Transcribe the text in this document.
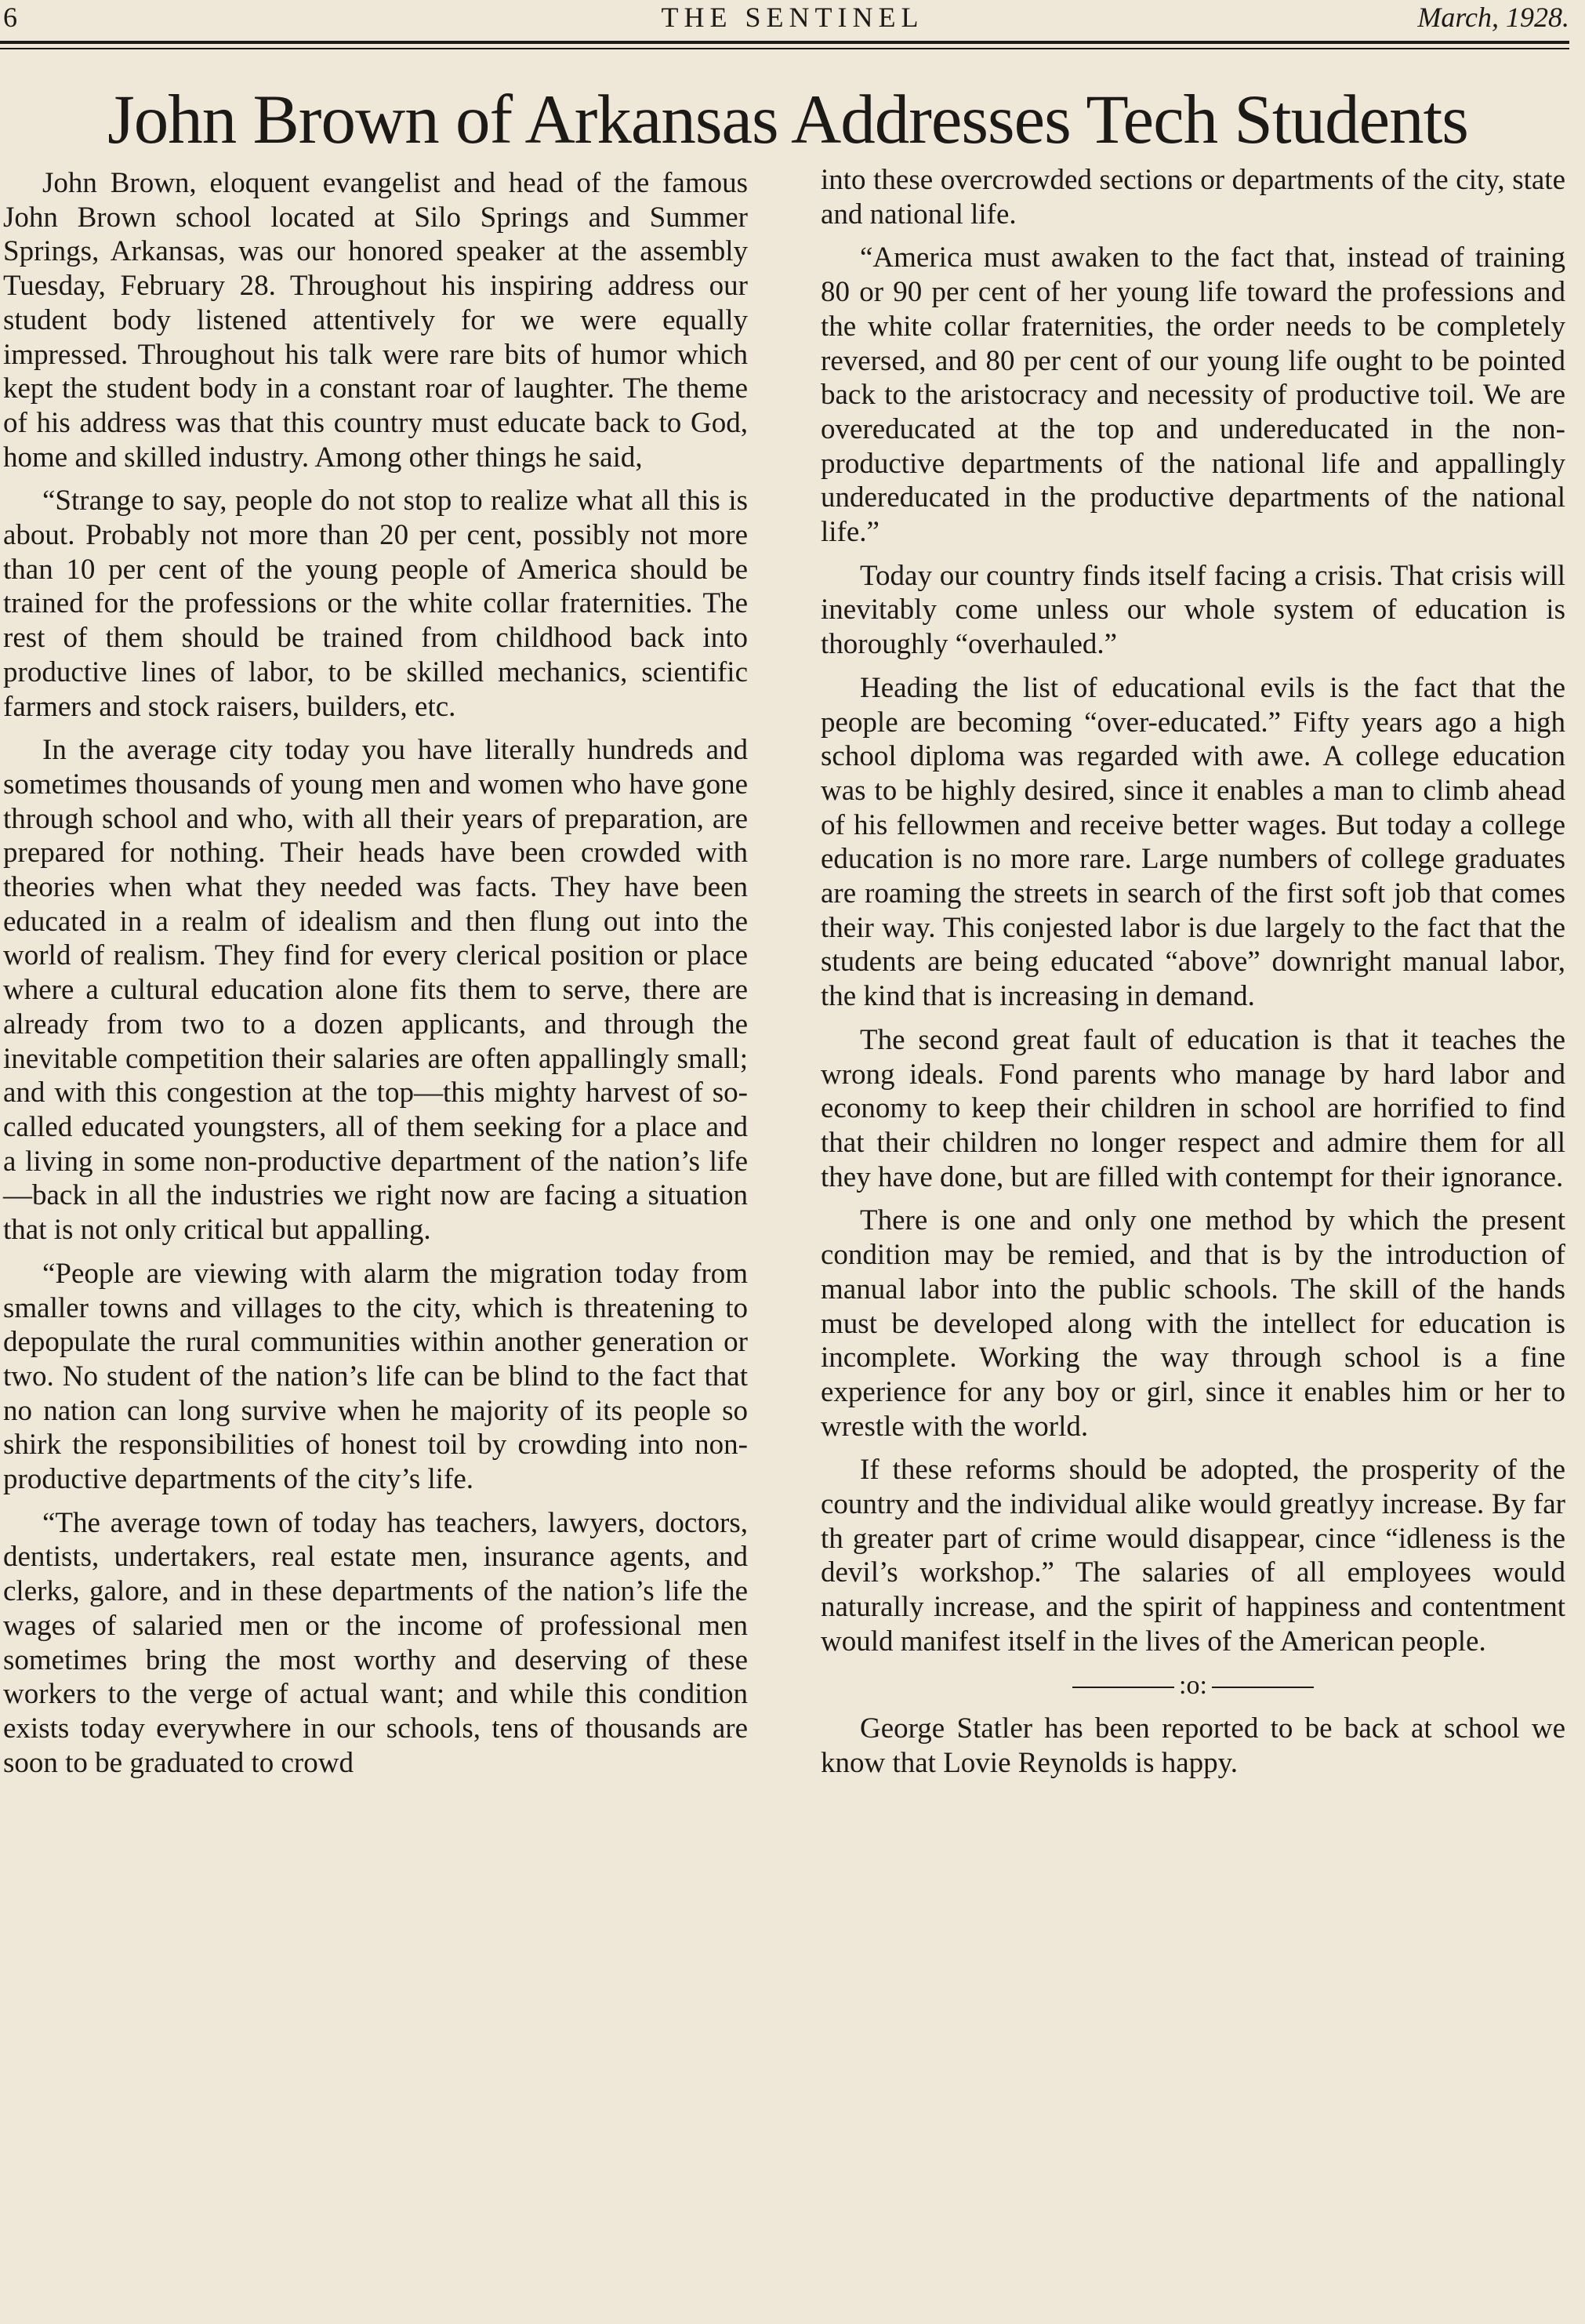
6	THE SENTINEL	March, 1928.
John Brown of Arkansas Addresses Tech Students

John Brown, eloquent evangelist and head of the famous John Brown school located at Silo Springs and Summer Springs, Arkansas, was our honored speaker at the assembly Tuesday, February 28. Throughout his inspiring address our student body listened attentively for we were equally impressed. Throughout his talk were rare bits of humor which kept the student body in a constant roar of laughter. The theme of his address was that this country must educate back to God, home and skilled industry. Among other things he said,

“Strange to say, people do not stop to realize what all this is about. Probably not more than 20 per cent, possibly not more than 10 per cent of the young people of America should be trained for the professions or the white collar fraternities. The rest of them should be trained from childhood back into productive lines of labor, to be skilled mechanics, scientific farmers and stock raisers, builders, etc.

In the average city today you have literally hundreds and sometimes thousands of young men and women who have gone through school and who, with all their years of preparation, are prepared for nothing. Their heads have been crowded with theories when what they needed was facts. They have been educated in a realm of idealism and then flung out into the world of realism. They find for every clerical position or place where a cultural education alone fits them to serve, there are already from two to a dozen applicants, and through the inevitable competition their salaries are often appallingly small; and with this congestion at the top—this mighty harvest of so-called educated youngsters, all of them seeking for a place and a living in some non-productive department of the nation’s life—back in all the industries we right now are facing a situation that is not only critical but appalling.

“People are viewing with alarm the migration today from smaller towns and villages to the city, which is threatening to depopulate the rural communities within another generation or two. No student of the nation’s life can be blind to the fact that no nation can long survive when he majority of its people so shirk the responsibilities of honest toil by crowding into non-productive departments of the city’s life.

“The average town of today has teachers, lawyers, doctors, dentists, undertakers, real estate men, insurance agents, and clerks, galore, and in these departments of the nation’s life the wages of salaried men or the income of professional men sometimes bring the most worthy and deserving of these workers to the verge of actual want; and while this condition exists today everywhere in our schools, tens of thousands are soon to be graduated to crowd

into these overcrowded sections or departments of the city, state and national life.

“America must awaken to the fact that, instead of training 80 or 90 per cent of her young life toward the professions and the white collar fraternities, the order needs to be completely reversed, and 80 per cent of our young life ought to be pointed back to the aristocracy and necessity of productive toil. We are overeducated at the top and undereducated in the non-productive departments of the national life and appallingly undereducated in the productive departments of the national life.”

Today our country finds itself facing a crisis. That crisis will inevitably come unless our whole system of education is thoroughly “overhauled.”

Heading the list of educational evils is the fact that the people are becoming “over-educated.” Fifty years ago a high school diploma was regarded with awe. A college education was to be highly desired, since it enables a man to climb ahead of his fellowmen and receive better wages. But today a college education is no more rare. Large numbers of college graduates are roaming the streets in search of the first soft job that comes their way. This conjested labor is due largely to the fact that the students are being educated “above” downright manual labor, the kind that is increasing in demand.

The second great fault of education is that it teaches the wrong ideals. Fond parents who manage by hard labor and economy to keep their children in school are horrified to find that their children no longer respect and admire them for all they have done, but are filled with contempt for their ignorance.

There is one and only one method by which the present condition may be remied, and that is by the introduction of manual labor into the public schools. The skill of the hands must be developed along with the intellect for education is incomplete. Working the way through school is a fine experience for any boy or girl, since it enables him or her to wrestle with the world.

If these reforms should be adopted, the prosperity of the country and the individual alike would greatlyy increase. By far th greater part of crime would disappear, cince “idleness is the devil’s workshop.” The salaries of all employees would naturally increase, and the spirit of happiness and contentment would manifest itself in the lives of the American people.

:o:

George Statler has been reported to be back at school we know that Lovie Reynolds is happy.
